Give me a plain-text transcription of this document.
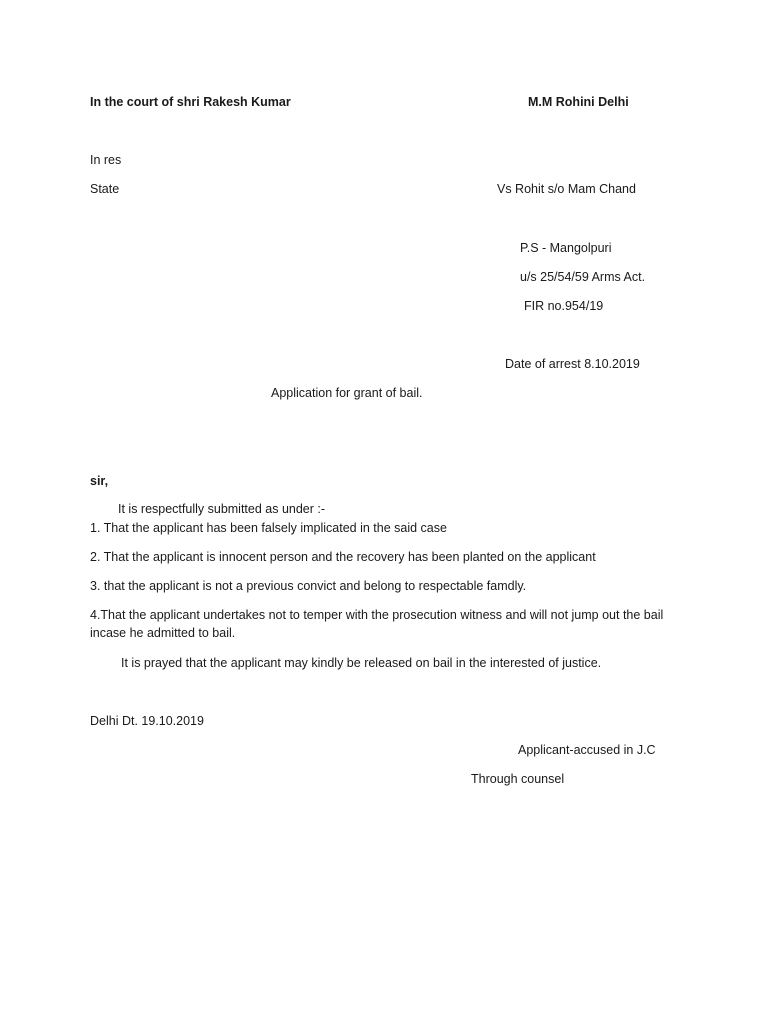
In the court of shri Rakesh Kumar	M.M Rohini Delhi
In res
State	Vs Rohit s/o Mam Chand
P.S - Mangolpuri
u/s 25/54/59 Arms Act.
FIR no.954/19
Date of arrest 8.10.2019
Application for grant of bail.
sir,
It is respectfully submitted as under :-
1. That the applicant has been falsely implicated in the said case
2. That the applicant is innocent person and the recovery has been planted on the applicant
3. that the applicant is not a previous convict and belong to respectable famdly.
4.That the applicant undertakes not to temper with the prosecution witness and will not jump out the bail incase he admitted to bail.
It is prayed that the applicant may kindly be released on bail in the interested of justice.
Delhi Dt. 19.10.2019
Applicant-accused in J.C
Through counsel
